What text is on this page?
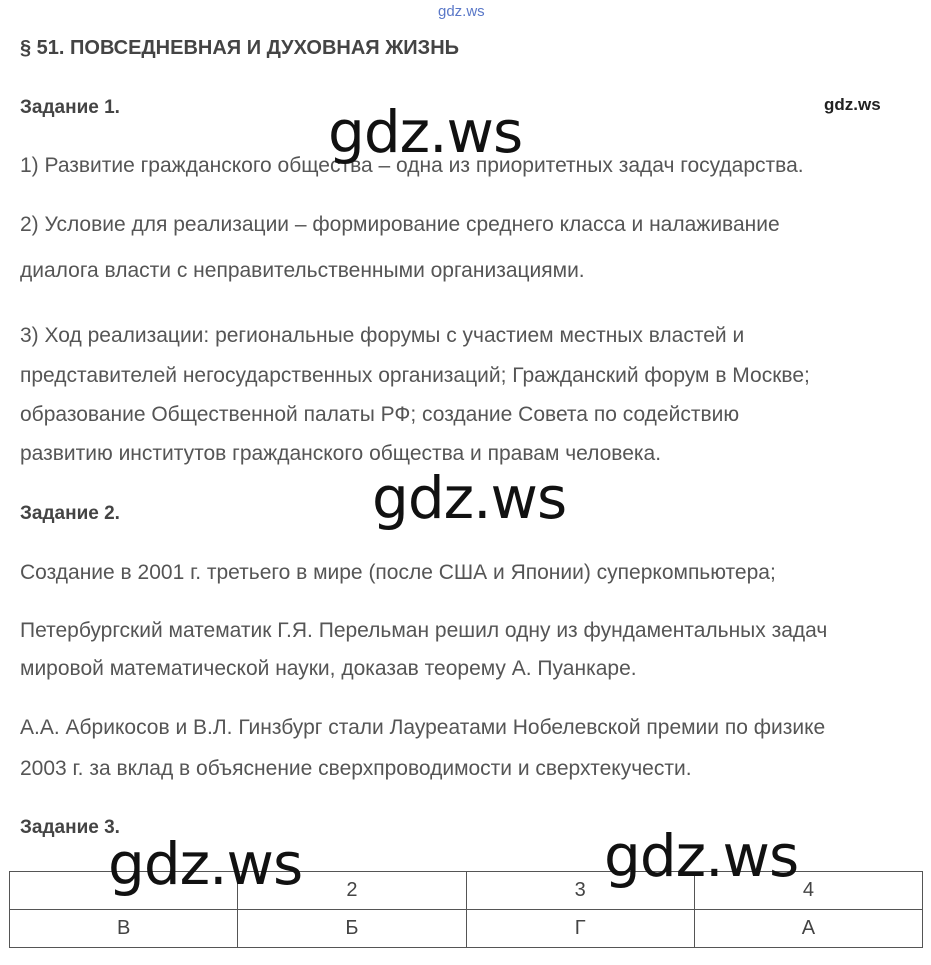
gdz.ws
§ 51. ПОВСЕДНЕВНАЯ И ДУХОВНАЯ ЖИЗНЬ
gdz.ws
Задание 1.
1) Развитие гражданского общества – одна из приоритетных задач государства.
2) Условие для реализации – формирование среднего класса и налаживание
диалога власти с неправительственными организациями.
3) Ход реализации: региональные форумы с участием местных властей и
представителей негосударственных организаций; Гражданский форум в Москве;
образование Общественной палаты РФ; создание Совета по содействию
развитию институтов гражданского общества и правам человека.
Задание 2.
Создание в 2001 г. третьего в мире (после США и Японии) суперкомпьютера;
Петербургский математик Г.Я. Перельман решил одну из фундаментальных задач
мировой математической науки, доказав теорему А. Пуанкаре.
А.А. Абрикосов и В.Л. Гинзбург стали Лауреатами Нобелевской премии по физике
2003 г. за вклад в объяснение сверхпроводимости и сверхтекучести.
Задание 3.
	2	3	4
В	Б	Г	А
gdz.ws
gdz.ws
gdz.ws	gdz.ws
